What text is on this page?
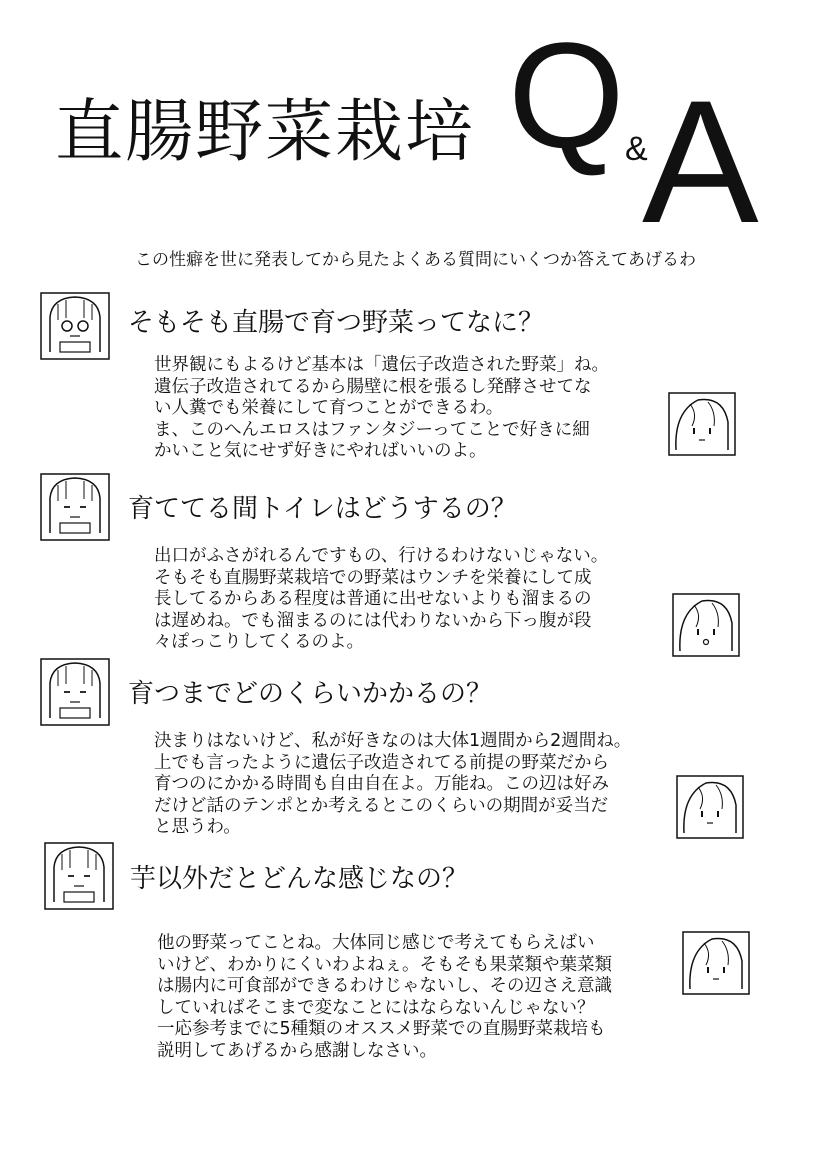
直腸野菜栽培 Q &
A
この性癖を世に発表してから見たよくある質問にいくつか答えてあげるわ
そもそも直腸で育つ野菜ってなに？
世界観にもよるけど基本は「遺伝子改造された野菜」ね。
遺伝子改造されてるから腸壁に根を張るし発酵させてな
い人糞でも栄養にして育つことができるわ。
ま、このへんエロスはファンタジーってことで好きに細
かいこと気にせず好きにやればいいのよ。
育ててる間トイレはどうするの？
出口がふさがれるんですもの、行けるわけないじゃない。
そもそも直腸野菜栽培での野菜はウンチを栄養にして成
長してるからある程度は普通に出せないよりも溜まるの
は遅めね。でも溜まるのには代わりないから下っ腹が段
々ぽっこりしてくるのよ。
育つまでどのくらいかかるの？
決まりはないけど、私が好きなのは大体1週間から2週間ね。
上でも言ったように遺伝子改造されてる前提の野菜だから
育つのにかかる時間も自由自在よ。万能ね。この辺は好み
だけど話のテンポとか考えるとこのくらいの期間が妥当だ
と思うわ。
芋以外だとどんな感じなの？
他の野菜ってことね。大体同じ感じで考えてもらえばい
いけど、わかりにくいわよねぇ。そもそも果菜類や葉菜類
は腸内に可食部ができるわけじゃないし、その辺さえ意識
していればそこまで変なことにはならないんじゃない？
一応参考までに5種類のオススメ野菜での直腸野菜栽培も
説明してあげるから感謝しなさい。
